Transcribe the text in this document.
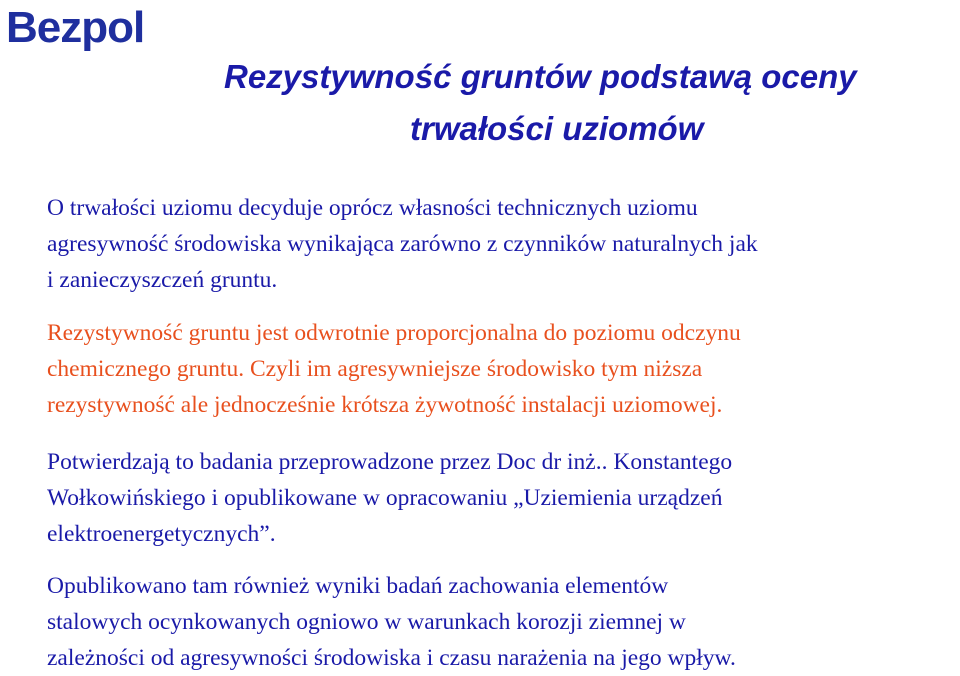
Bezpol
Rezystywność gruntów podstawą oceny
trwałości uziomów
O trwałości uziomu decyduje oprócz własności technicznych uziomu
agresywność środowiska wynikająca zarówno z czynników naturalnych jak
i zanieczyszczeń gruntu.
Rezystywność gruntu jest odwrotnie proporcjonalna do poziomu odczynu
chemicznego gruntu. Czyli im agresywniejsze środowisko tym niższa
rezystywność ale jednocześnie krótsza żywotność instalacji uziomowej.
Potwierdzają to badania przeprowadzone przez Doc dr inż.. Konstantego
Wołkowińskiego i opublikowane w opracowaniu „Uziemienia urządzeń
elektroenergetycznych”.
Opublikowano tam również wyniki badań zachowania elementów
stalowych ocynkowanych ogniowo w warunkach korozji ziemnej w
zależności od agresywności środowiska i czasu narażenia na jego wpływ.
